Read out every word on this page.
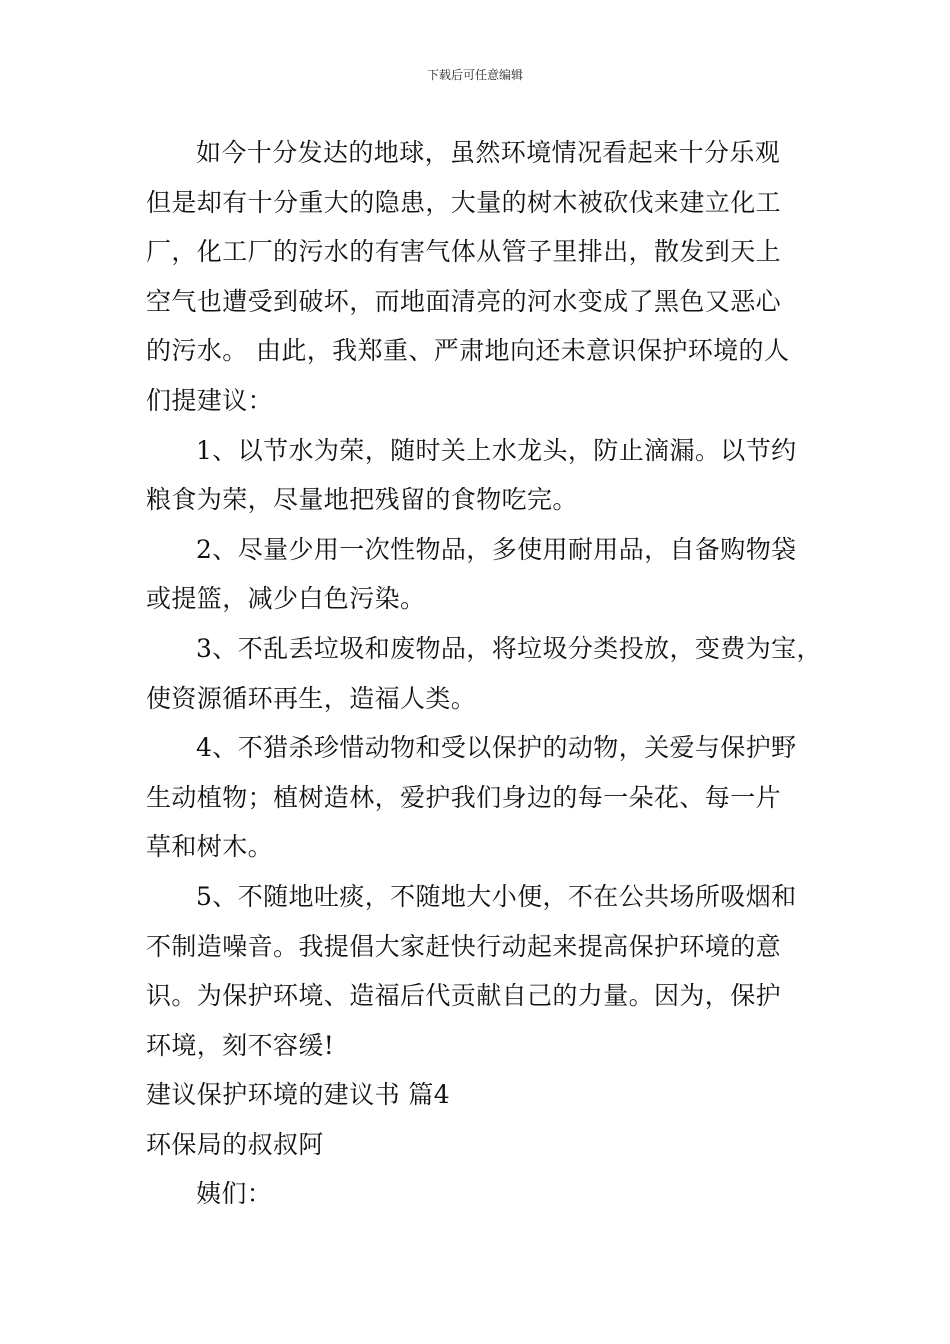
下载后可任意编辑
如今十分发达的地球，虽然环境情况看起来十分乐观
但是却有十分重大的隐患，大量的树木被砍伐来建立化工
厂，化工厂的污水的有害气体从管子里排出，散发到天上
空气也遭受到破坏，而地面清亮的河水变成了黑色又恶心
的污水。 由此，我郑重、严肃地向还未意识保护环境的人
们提建议：
1、以节水为荣，随时关上水龙头，防止滴漏。以节约
粮食为荣，尽量地把残留的食物吃完。
2、尽量少用一次性物品，多使用耐用品，自备购物袋
或提篮，减少白色污染。
3、不乱丢垃圾和废物品，将垃圾分类投放，变费为宝，
使资源循环再生，造福人类。
4、不猎杀珍惜动物和受以保护的动物，关爱与保护野
生动植物；植树造林，爱护我们身边的每一朵花、每一片
草和树木。
5、不随地吐痰，不随地大小便，不在公共场所吸烟和
不制造噪音。我提倡大家赶快行动起来提高保护环境的意
识。为保护环境、造福后代贡献自己的力量。因为，保护
环境，刻不容缓!
建议保护环境的建议书 篇4
环保局的叔叔阿
姨们：
